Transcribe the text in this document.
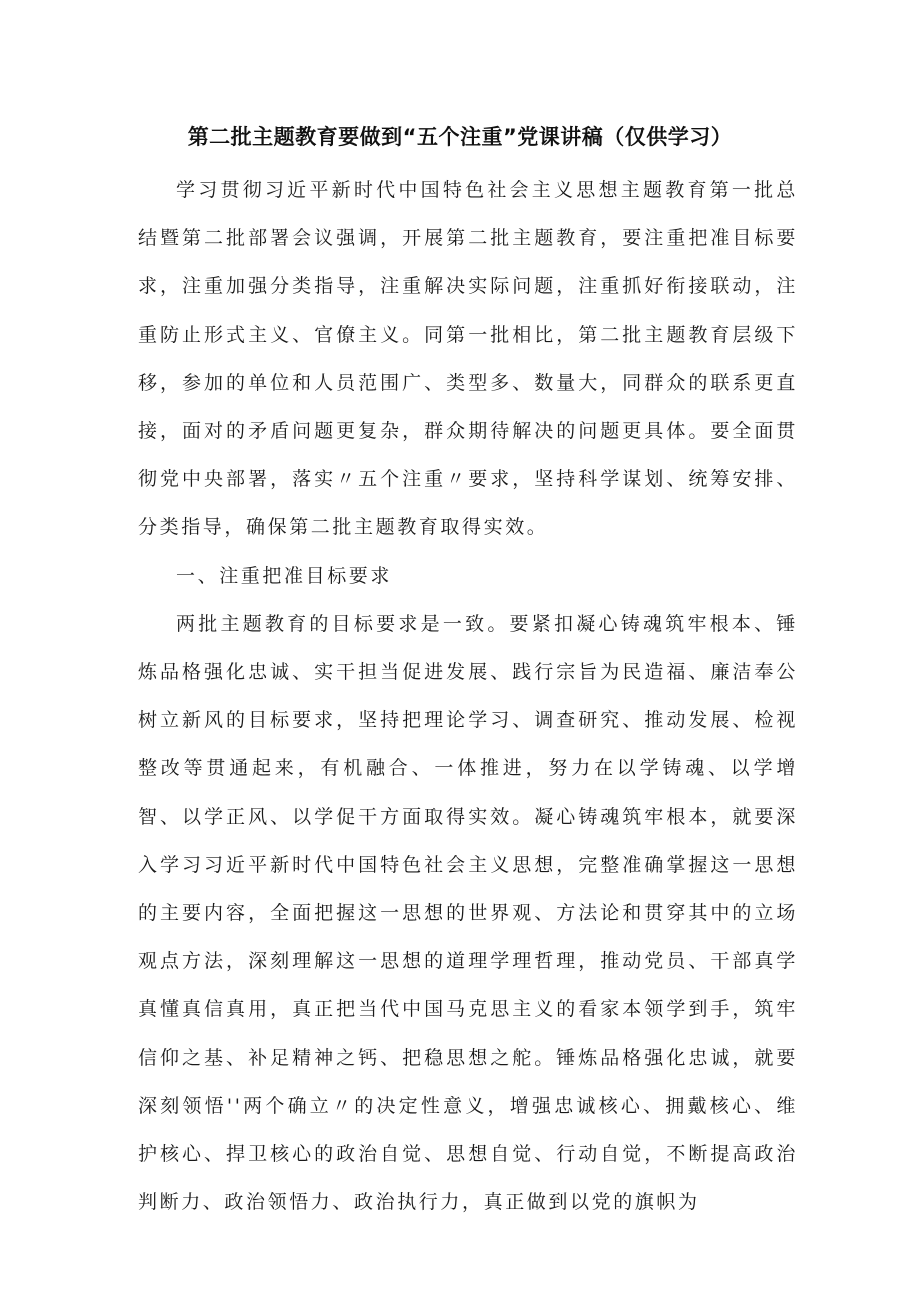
第二批主题教育要做到“五个注重”党课讲稿（仅供学习）

学习贯彻习近平新时代中国特色社会主义思想主题教育第一批总结暨第二批部署会议强调，开展第二批主题教育，要注重把准目标要求，注重加强分类指导，注重解决实际问题，注重抓好衔接联动，注重防止形式主义、官僚主义。同第一批相比，第二批主题教育层级下移，参加的单位和人员范围广、类型多、数量大，同群众的联系更直接，面对的矛盾问题更复杂，群众期待解决的问题更具体。要全面贯彻党中央部署，落实〃五个注重〃要求，坚持科学谋划、统筹安排、分类指导，确保第二批主题教育取得实效。

一、注重把准目标要求

两批主题教育的目标要求是一致。要紧扣凝心铸魂筑牢根本、锤炼品格强化忠诚、实干担当促进发展、践行宗旨为民造福、廉洁奉公树立新风的目标要求，坚持把理论学习、调查研究、推动发展、检视整改等贯通起来，有机融合、一体推进，努力在以学铸魂、以学增智、以学正风、以学促干方面取得实效。凝心铸魂筑牢根本，就要深入学习习近平新时代中国特色社会主义思想，完整准确掌握这一思想的主要内容，全面把握这一思想的世界观、方法论和贯穿其中的立场观点方法，深刻理解这一思想的道理学理哲理，推动党员、干部真学真懂真信真用，真正把当代中国马克思主义的看家本领学到手，筑牢信仰之基、补足精神之钙、把稳思想之舵。锤炼品格强化忠诚，就要深刻领悟''两个确立〃的决定性意义，增强忠诚核心、拥戴核心、维护核心、捍卫核心的政治自觉、思想自觉、行动自觉，不断提高政治判断力、政治领悟力、政治执行力，真正做到以党的旗帜为
